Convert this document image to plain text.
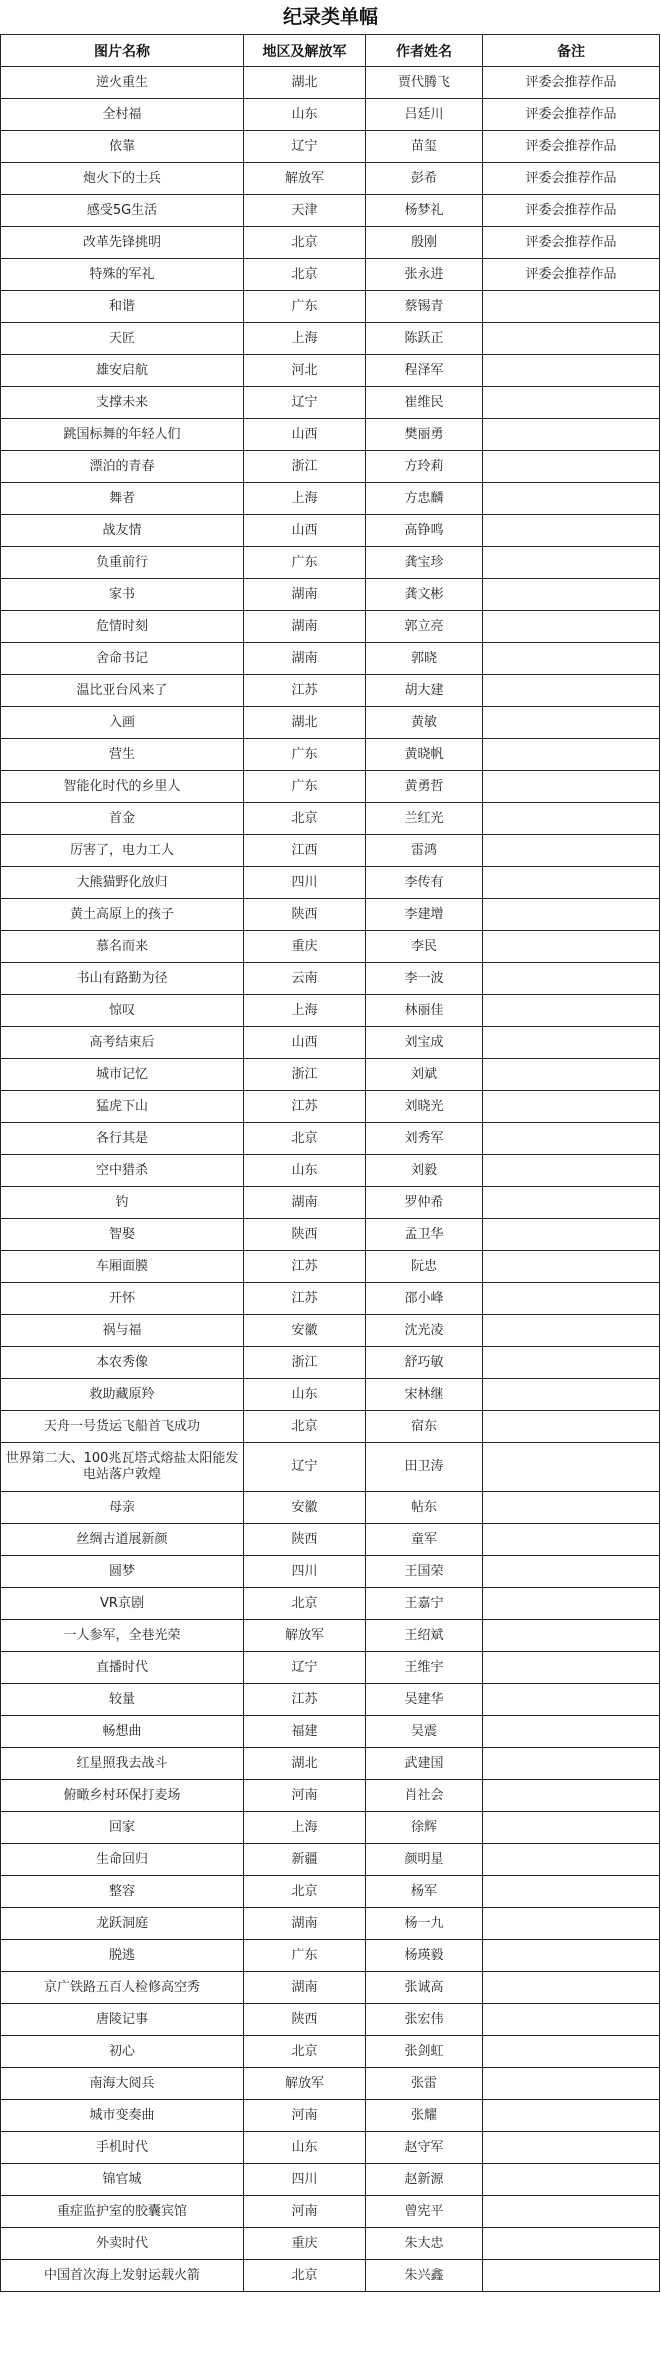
纪录类单幅
图片名称	地区及解放军	作者姓名	备注
逆火重生	湖北	贾代腾飞	评委会推荐作品
全村福	山东	吕廷川	评委会推荐作品
依靠	辽宁	苗玺	评委会推荐作品
炮火下的士兵	解放军	彭希	评委会推荐作品
感受5G生活	天津	杨梦礼	评委会推荐作品
改革先锋挑明	北京	殷刚	评委会推荐作品
特殊的军礼	北京	张永进	评委会推荐作品
和谐	广东	蔡锡青	
天匠	上海	陈跃正	
雄安启航	河北	程泽军	
支撑未来	辽宁	崔维民	
跳国标舞的年轻人们	山西	樊丽勇	
漂泊的青春	浙江	方玲莉	
舞者	上海	方忠麟	
战友情	山西	高铮鸣	
负重前行	广东	龚宝珍	
家书	湖南	龚文彬	
危情时刻	湖南	郭立亮	
舍命书记	湖南	郭晓	
温比亚台风来了	江苏	胡大建	
入画	湖北	黄敏	
营生	广东	黄晓帆	
智能化时代的乡里人	广东	黄勇哲	
首金	北京	兰红光	
厉害了，电力工人	江西	雷鸿	
大熊猫野化放归	四川	李传有	
黄土高原上的孩子	陕西	李建增	
慕名而来	重庆	李民	
书山有路勤为径	云南	李一波	
惊叹	上海	林丽佳	
高考结束后	山西	刘宝成	
城市记忆	浙江	刘斌	
猛虎下山	江苏	刘晓光	
各行其是	北京	刘秀军	
空中猎杀	山东	刘毅	
钓	湖南	罗仲希	
智娶	陕西	孟卫华	
车厢面膜	江苏	阮忠	
开怀	江苏	邵小峰	
祸与福	安徽	沈光凌	
本农秀像	浙江	舒巧敏	
救助藏原羚	山东	宋林继	
天舟一号货运飞船首飞成功	北京	宿东	
世界第二大、100兆瓦塔式熔盐太阳能发电站落户敦煌	辽宁	田卫涛	
母亲	安徽	帖东	
丝绸古道展新颜	陕西	童军	
圆梦	四川	王国荣	
VR京剧	北京	王嘉宁	
一人参军，全巷光荣	解放军	王绍斌	
直播时代	辽宁	王维宇	
较量	江苏	吴建华	
畅想曲	福建	吴震	
红星照我去战斗	湖北	武建国	
俯瞰乡村环保打麦场	河南	肖社会	
回家	上海	徐辉	
生命回归	新疆	颜明星	
整容	北京	杨军	
龙跃洞庭	湖南	杨一九	
脱逃	广东	杨瑛毅	
京广铁路五百人检修高空秀	湖南	张诚高	
唐陵记事	陕西	张宏伟	
初心	北京	张剑虹	
南海大阅兵	解放军	张雷	
城市变奏曲	河南	张耀	
手机时代	山东	赵守军	
锦官城	四川	赵新源	
重症监护室的胶囊宾馆	河南	曾宪平	
外卖时代	重庆	朱大忠	
中国首次海上发射运载火箭	北京	朱兴鑫	
